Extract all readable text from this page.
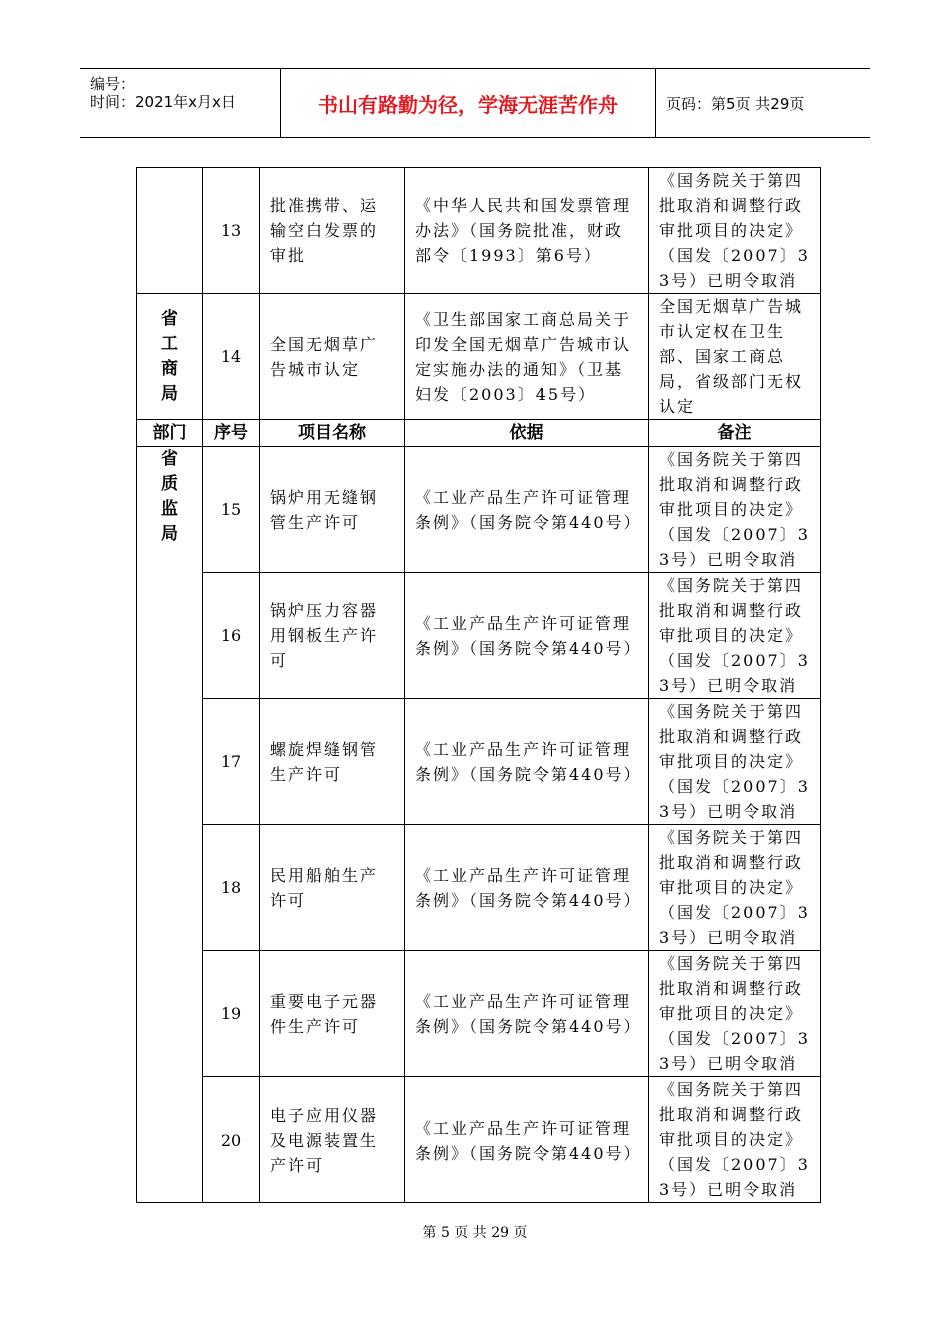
编号：
时间：2021年x月x日	书山有路勤为径，学海无涯苦作舟	页码：第5页 共29页
	13	批准携带、运输空白发票的审批	《中华人民共和国发票管理办法》（国务院批准，财政部令〔1993〕第6号）	《国务院关于第四批取消和调整行政审批项目的决定》（国发〔2007〕33号）已明令取消
省工商局	14	全国无烟草广告城市认定	《卫生部国家工商总局关于印发全国无烟草广告城市认定实施办法的通知》（卫基妇发〔2003〕45号）	全国无烟草广告城市认定权在卫生部、国家工商总局，省级部门无权认定
部门	序号	项目名称	依据	备注
省质监局	15	锅炉用无缝钢管生产许可	《工业产品生产许可证管理条例》（国务院令第440号）	《国务院关于第四批取消和调整行政审批项目的决定》（国发〔2007〕33号）已明令取消
	16	锅炉压力容器用钢板生产许可	《工业产品生产许可证管理条例》（国务院令第440号）	《国务院关于第四批取消和调整行政审批项目的决定》（国发〔2007〕33号）已明令取消
	17	螺旋焊缝钢管生产许可	《工业产品生产许可证管理条例》（国务院令第440号）	《国务院关于第四批取消和调整行政审批项目的决定》（国发〔2007〕33号）已明令取消
	18	民用船舶生产许可	《工业产品生产许可证管理条例》（国务院令第440号）	《国务院关于第四批取消和调整行政审批项目的决定》（国发〔2007〕33号）已明令取消
	19	重要电子元器件生产许可	《工业产品生产许可证管理条例》（国务院令第440号）	《国务院关于第四批取消和调整行政审批项目的决定》（国发〔2007〕33号）已明令取消
	20	电子应用仪器及电源装置生产许可	《工业产品生产许可证管理条例》（国务院令第440号）	《国务院关于第四批取消和调整行政审批项目的决定》（国发〔2007〕33号）已明令取消
第 5 页 共 29 页
